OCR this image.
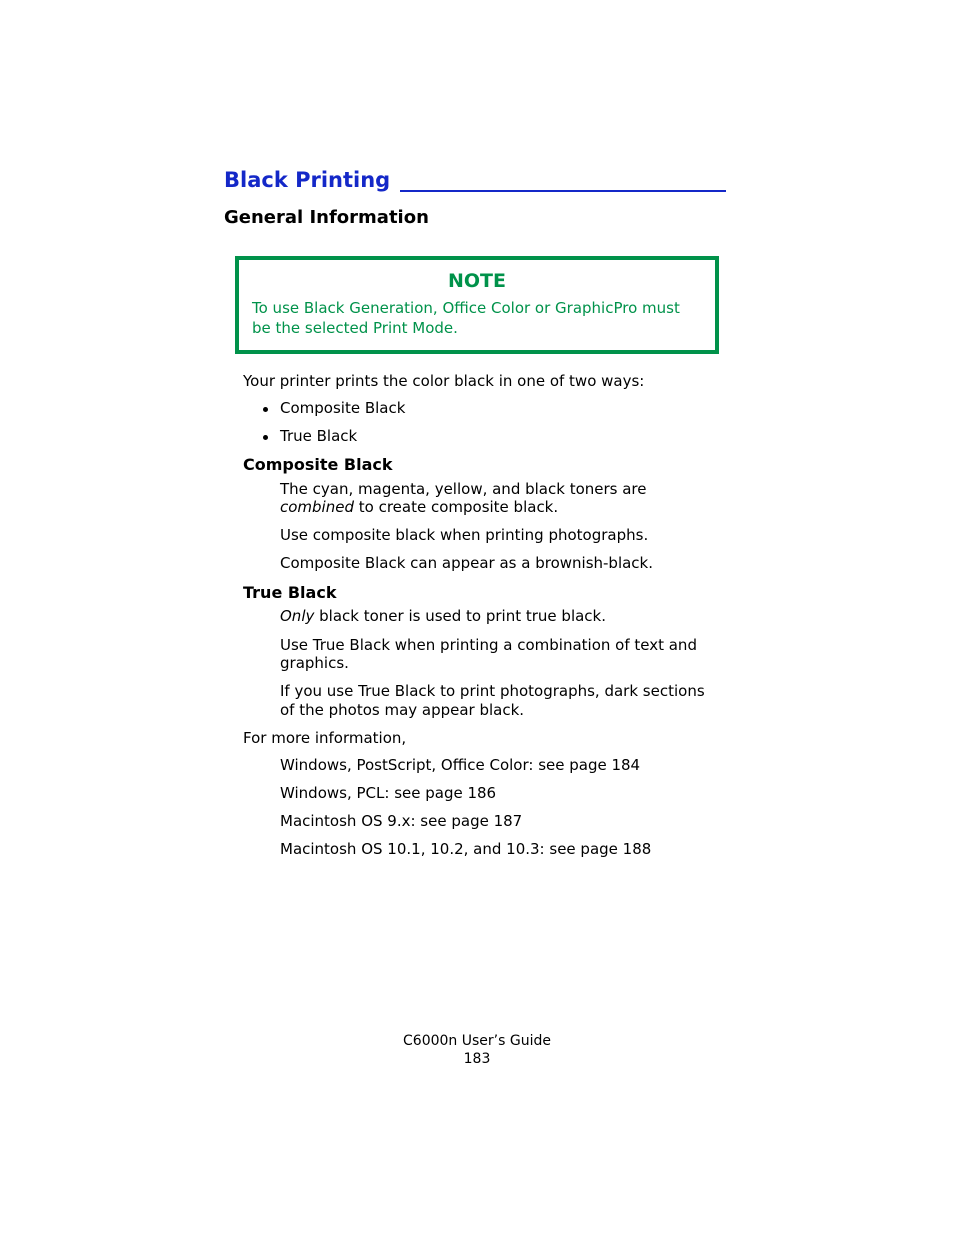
Black Printing
General Information
NOTE
To use Black Generation, Office Color or GraphicPro must be the selected Print Mode.
Your printer prints the color black in one of two ways:
Composite Black
True Black
Composite Black
The cyan, magenta, yellow, and black toners are
combined to create composite black.
Use composite black when printing photographs.
Composite Black can appear as a brownish-black.
True Black
Only black toner is used to print true black.
Use True Black when printing a combination of text and
graphics.
If you use True Black to print photographs, dark sections
of the photos may appear black.
For more information,
Windows, PostScript, Office Color: see page 184
Windows, PCL: see page 186
Macintosh OS 9.x: see page 187
Macintosh OS 10.1, 10.2, and 10.3: see page 188
C6000n User’s Guide
183
